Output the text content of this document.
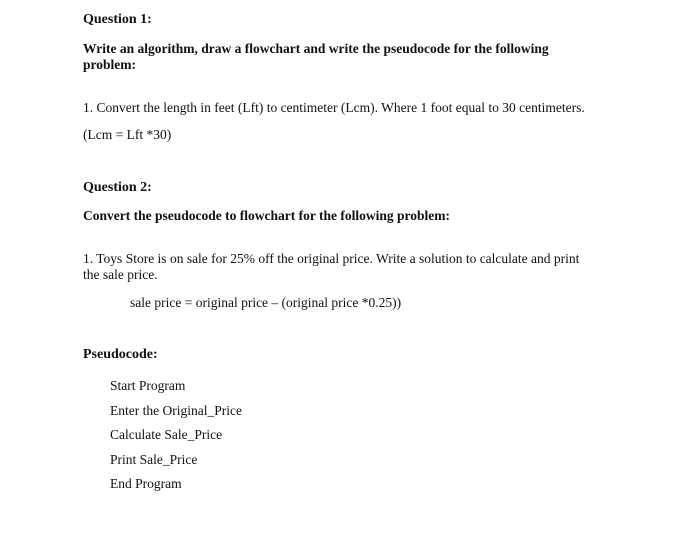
Question 1:

Write an algorithm, draw a flowchart and write the pseudocode for the following

problem:

1. Convert the length in feet (Lft) to centimeter (Lcm). Where 1 foot equal to 30 centimeters.

(Lcm = Lft *30)

Question 2:

Convert the pseudocode to flowchart for the following problem:

1. Toys Store is on sale for 25% off the original price. Write a solution to calculate and print

the sale price.

sale price = original price – (original price *0.25))

Pseudocode:

Start Program
Enter the Original_Price
Calculate Sale_Price
Print Sale_Price
End Program
